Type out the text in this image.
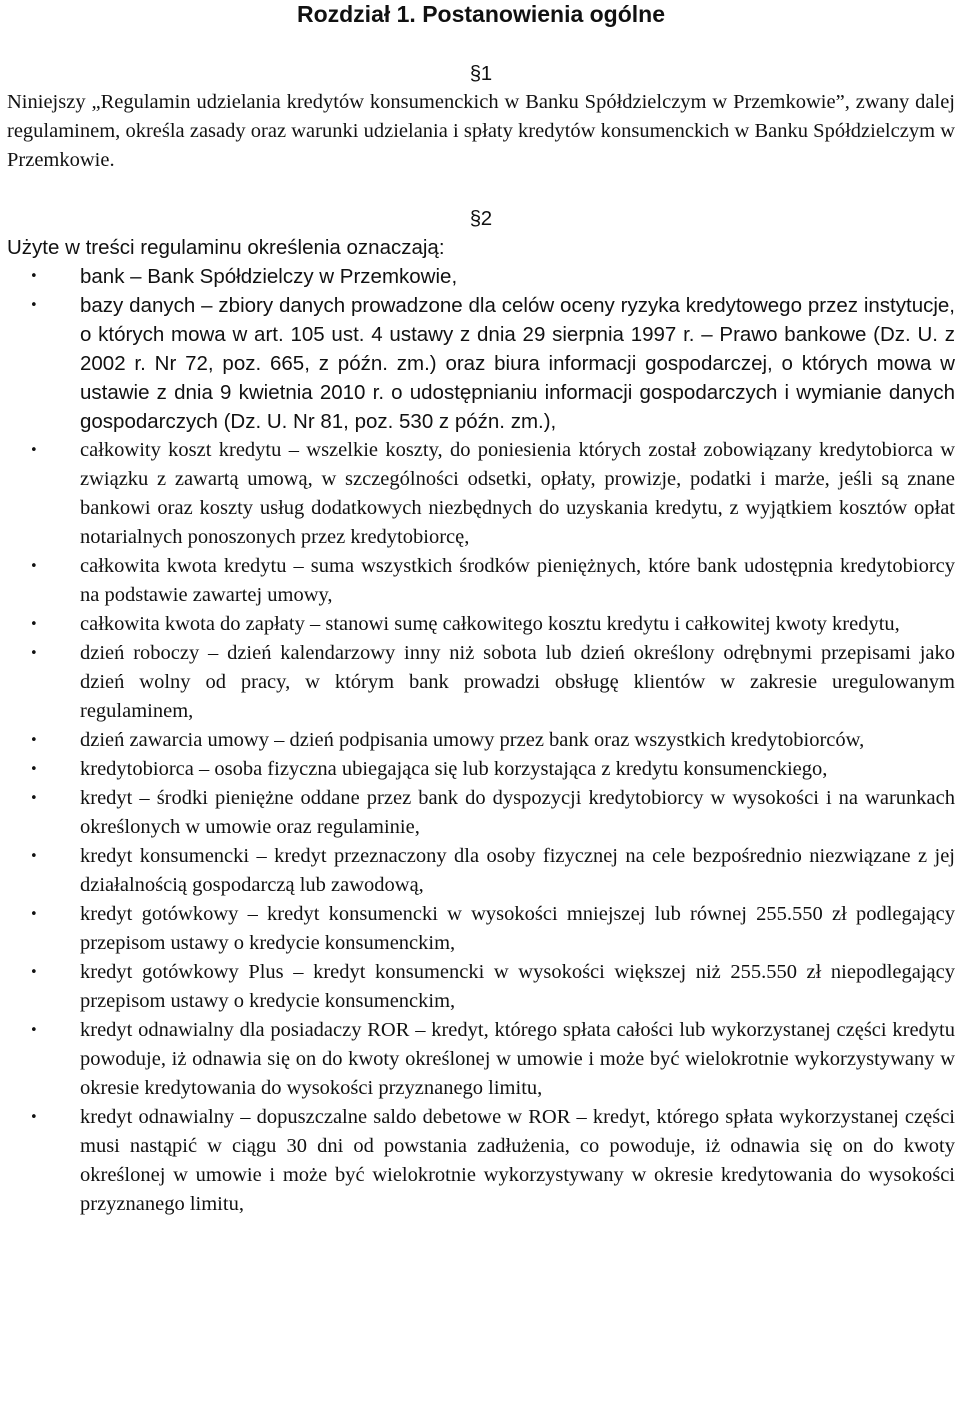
Rozdział 1. Postanowienia ogólne
§1

Niniejszy „Regulamin udzielania kredytów konsumenckich w Banku Spółdzielczym w Przemkowie”, zwany dalej regulaminem, określa zasady oraz warunki udzielania i spłaty kredytów konsumenckich w Banku Spółdzielczym w Przemkowie.

§2

Użyte w treści regulaminu określenia oznaczają:

• bank – Bank Spółdzielczy w Przemkowie,
• bazy danych – zbiory danych prowadzone dla celów oceny ryzyka kredytowego przez instytucje, o których mowa w art. 105 ust. 4 ustawy z dnia 29 sierpnia 1997 r. – Prawo bankowe (Dz. U. z 2002 r. Nr 72, poz. 665, z późn. zm.) oraz biura informacji gospodarczej, o których mowa w ustawie z dnia 9 kwietnia 2010 r. o udostępnianiu informacji gospodarczych i wymianie danych gospodarczych (Dz. U. Nr 81, poz. 530 z późn. zm.),
• całkowity koszt kredytu – wszelkie koszty, do poniesienia których został zobowiązany kredytobiorca w związku z zawartą umową, w szczególności odsetki, opłaty, prowizje, podatki i marże, jeśli są znane bankowi oraz koszty usług dodatkowych niezbędnych do uzyskania kredytu, z wyjątkiem kosztów opłat notarialnych ponoszonych przez kredytobiorcę,
• całkowita kwota kredytu – suma wszystkich środków pieniężnych, które bank udostępnia kredytobiorcy na podstawie zawartej umowy,
• całkowita kwota do zapłaty – stanowi sumę całkowitego kosztu kredytu i całkowitej kwoty kredytu,
• dzień roboczy – dzień kalendarzowy inny niż sobota lub dzień określony odrębnymi przepisami jako dzień wolny od pracy, w którym bank prowadzi obsługę klientów w zakresie uregulowanym regulaminem,
• dzień zawarcia umowy – dzień podpisania umowy przez bank oraz wszystkich kredytobiorców,
• kredytobiorca – osoba fizyczna ubiegająca się lub korzystająca z kredytu konsumenckiego,
• kredyt – środki pieniężne oddane przez bank do dyspozycji kredytobiorcy w wysokości i na warunkach określonych w umowie oraz regulaminie,
• kredyt konsumencki – kredyt przeznaczony dla osoby fizycznej na cele bezpośrednio niezwiązane z jej działalnością gospodarczą lub zawodową,
• kredyt gotówkowy – kredyt konsumencki w wysokości mniejszej lub równej 255.550 zł podlegający przepisom ustawy o kredycie konsumenckim,
• kredyt gotówkowy Plus – kredyt konsumencki w wysokości większej niż 255.550 zł niepodlegający przepisom ustawy o kredycie konsumenckim,
• kredyt odnawialny dla posiadaczy ROR – kredyt, którego spłata całości lub wykorzystanej części kredytu powoduje, iż odnawia się on do kwoty określonej w umowie i może być wielokrotnie wykorzystywany w okresie kredytowania do wysokości przyznanego limitu,
• kredyt odnawialny – dopuszczalne saldo debetowe w ROR – kredyt, którego spłata wykorzystanej części musi nastąpić w ciągu 30 dni od powstania zadłużenia, co powoduje, iż odnawia się on do kwoty określonej w umowie i może być wielokrotnie wykorzystywany w okresie kredytowania do wysokości przyznanego limitu,
